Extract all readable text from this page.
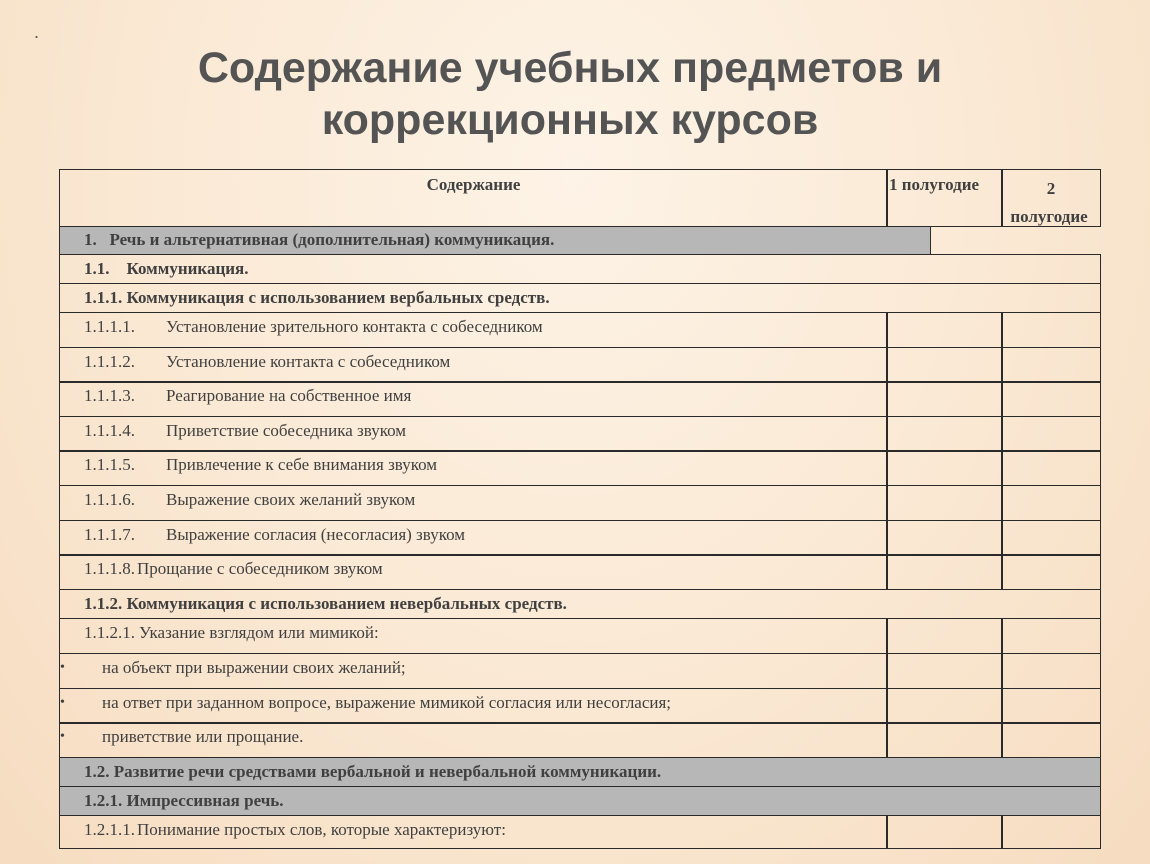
.
Содержание учебных предметов и
коррекционных курсов
Содержание	1 полугодие	2
полугодие
1.   Речь и альтернативная (дополнительная) коммуникация.
1.1.    Коммуникация.
1.1.1. Коммуникация с использованием вербальных средств.
1.1.1.1. Установление зрительного контакта с собеседником
1.1.1.2. Установление контакта с собеседником
1.1.1.3. Реагирование на собственное имя
1.1.1.4. Приветствие собеседника звуком
1.1.1.5. Привлечение к себе внимания звуком
1.1.1.6. Выражение своих желаний звуком
1.1.1.7. Выражение согласия (несогласия) звуком
1.1.1.8. Прощание с собеседником звуком
1.1.2. Коммуникация с использованием невербальных средств.
1.1.2.1. Указание взглядом или мимикой:
• на объект при выражении своих желаний;
• на ответ при заданном вопросе, выражение мимикой согласия или несогласия;
• приветствие или прощание.
1.2. Развитие речи средствами вербальной и невербальной коммуникации.
1.2.1. Импрессивная речь.
1.2.1.1. Понимание простых слов, которые характеризуют:
